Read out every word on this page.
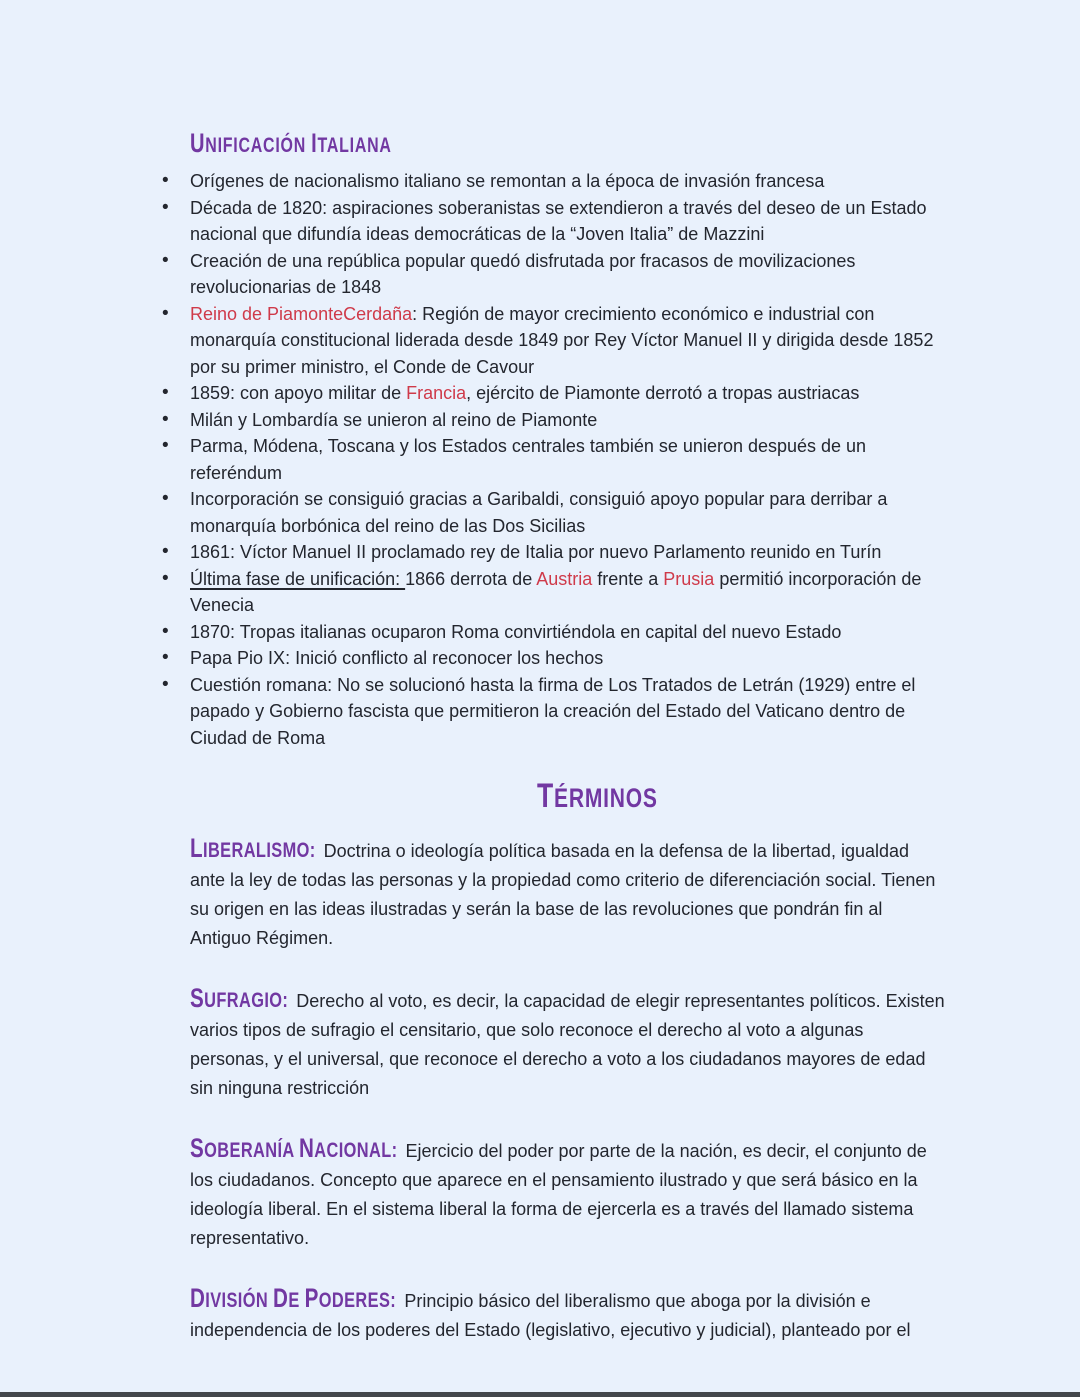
UNIFICACIÓN ITALIANA
• Orígenes de nacionalismo italiano se remontan a la época de invasión francesa
• Década de 1820: aspiraciones soberanistas se extendieron a través del deseo de un Estado nacional que difundía ideas democráticas de la “Joven Italia” de Mazzini
• Creación de una república popular quedó disfrutada por fracasos de movilizaciones revolucionarias de 1848
• Reino de PiamonteCerdaña: Región de mayor crecimiento económico e industrial con monarquía constitucional liderada desde 1849 por Rey Víctor Manuel II y dirigida desde 1852 por su primer ministro, el Conde de Cavour
• 1859: con apoyo militar de Francia, ejército de Piamonte derrotó a tropas austriacas
• Milán y Lombardía se unieron al reino de Piamonte
• Parma, Módena, Toscana y los Estados centrales también se unieron después de un referéndum
• Incorporación se consiguió gracias a Garibaldi, consiguió apoyo popular para derribar a monarquía borbónica del reino de las Dos Sicilias
• 1861: Víctor Manuel II proclamado rey de Italia por nuevo Parlamento reunido en Turín
• Última fase de unificación: 1866 derrota de Austria frente a Prusia permitió incorporación de Venecia
• 1870: Tropas italianas ocuparon Roma convirtiéndola en capital del nuevo Estado
• Papa Pio IX: Inició conflicto al reconocer los hechos
• Cuestión romana: No se solucionó hasta la firma de Los Tratados de Letrán (1929) entre el papado y Gobierno fascista que permitieron la creación del Estado del Vaticano dentro de Ciudad de Roma
TÉRMINOS

LIBERALISMO: Doctrina o ideología política basada en la defensa de la libertad, igualdad ante la ley de todas las personas y la propiedad como criterio de diferenciación social. Tienen su origen en las ideas ilustradas y serán la base de las revoluciones que pondrán fin al Antiguo Régimen.

SUFRAGIO: Derecho al voto, es decir, la capacidad de elegir representantes políticos. Existen varios tipos de sufragio el censitario, que solo reconoce el derecho al voto a algunas personas, y el universal, que reconoce el derecho a voto a los ciudadanos mayores de edad sin ninguna restricción

SOBERANÍA NACIONAL: Ejercicio del poder por parte de la nación, es decir, el conjunto de los ciudadanos. Concepto que aparece en el pensamiento ilustrado y que será básico en la ideología liberal. En el sistema liberal la forma de ejercerla es a través del llamado sistema representativo.

DIVISIÓN DE PODERES: Principio básico del liberalismo que aboga por la división e independencia de los poderes del Estado (legislativo, ejecutivo y judicial), planteado por el
